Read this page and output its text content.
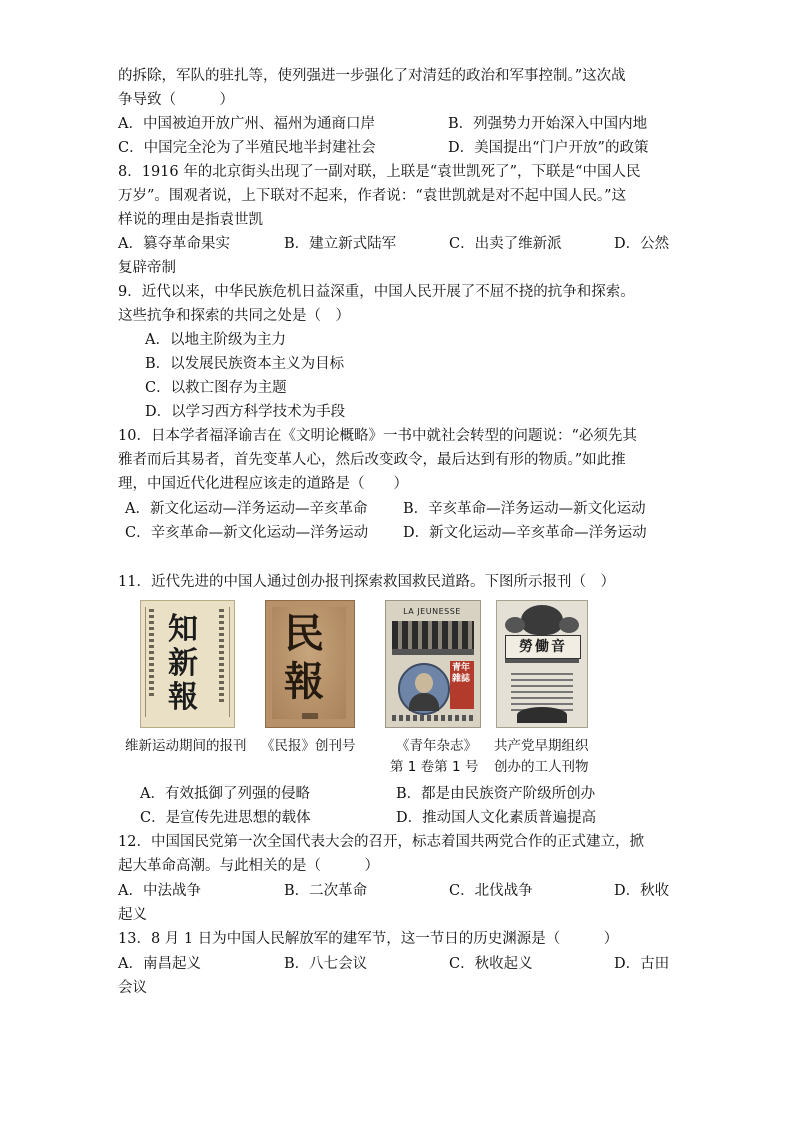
的拆除，军队的驻扎等，使列强进一步强化了对清廷的政治和军事控制。”这次战
争导致（　　　）
A．中国被迫开放广州、福州为通商口岸	B．列强势力开始深入中国内地
C．中国完全沦为了半殖民地半封建社会	D．美国提出“门户开放”的政策
8．1916 年的北京街头出现了一副对联，上联是“袁世凯死了”，下联是“中国人民
万岁”。围观者说，上下联对不起来，作者说：“袁世凯就是对不起中国人民。”这
样说的理由是指袁世凯
A．篡夺革命果实	B．建立新式陆军	C．出卖了维新派	D．公然
复辟帝制
9．近代以来，中华民族危机日益深重，中国人民开展了不屈不挠的抗争和探索。
这些抗争和探索的共同之处是（　）
A．以地主阶级为主力
B．以发展民族资本主义为目标
C．以救亡图存为主题
D．以学习西方科学技术为手段
10．日本学者福泽谕吉在《文明论概略》一书中就社会转型的问题说：“必须先其
雅者而后其易者，首先变革人心，然后改变政令，最后达到有形的物质。”如此推
理，中国近代化进程应该走的道路是（　　）
A．新文化运动—洋务运动—辛亥革命 B．辛亥革命—洋务运动—新文化运动
C．辛亥革命—新文化运动—洋务运动 D．新文化运动—辛亥革命—洋务运动
11．近代先进的中国人通过创办报刊探索救国救民道路。下图所示报刊（　）
知
新
報
民
報
LA JEUNESSE
青年雜誌
勞働音
维新运动期间的报刊 《民报》创刊号	《青年杂志》
第 1 卷第 1 号
共产党早期组织
创办的工人刊物
A．有效抵御了列强的侵略	B．都是由民族资产阶级所创办
C．是宣传先进思想的载体	D．推动国人文化素质普遍提高
12．中国国民党第一次全国代表大会的召开，标志着国共两党合作的正式建立，掀
起大革命高潮。与此相关的是（　　　）
A．中法战争	B．二次革命	C．北伐战争	D．秋收
起义
13．8 月 1 日为中国人民解放军的建军节，这一节日的历史渊源是（　　　）
A．南昌起义	B．八七会议	C．秋收起义	D．古田
会议
